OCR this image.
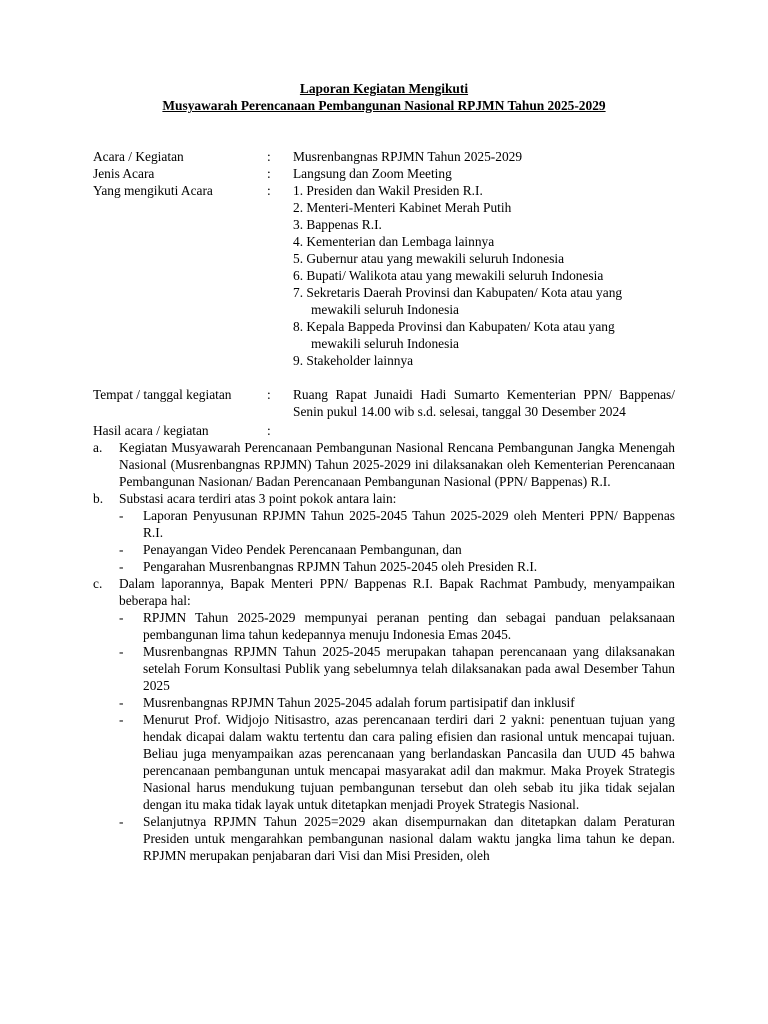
Laporan Kegiatan Mengikuti

Musyawarah Perencanaan Pembangunan Nasional RPJMN Tahun 2025-2029

Acara / Kegiatan	:	Musrenbangnas RPJMN Tahun 2025-2029
Jenis Acara	:	Langsung dan Zoom Meeting
Yang mengikuti Acara	:	1. Presiden dan Wakil Presiden R.I.
2. Menteri-Menteri Kabinet Merah Putih
3. Bappenas R.I.
4. Kementerian dan Lembaga lainnya
5. Gubernur atau yang mewakili seluruh Indonesia
6. Bupati/ Walikota atau yang mewakili seluruh Indonesia
7. Sekretaris Daerah Provinsi dan Kabupaten/ Kota atau yang
mewakili seluruh Indonesia
8. Kepala Bappeda Provinsi dan Kabupaten/ Kota atau yang
mewakili seluruh Indonesia
9. Stakeholder lainnya
Tempat / tanggal kegiatan	:	Ruang Rapat Junaidi Hadi Sumarto Kementerian PPN/ Bappenas/ Senin pukul 14.00 wib s.d. selesai, tanggal 30 Desember 2024
Hasil acara / kegiatan	:
a.	Kegiatan Musyawarah Perencanaan Pembangunan Nasional Rencana Pembangunan Jangka Menengah Nasional (Musrenbangnas RPJMN) Tahun 2025-2029 ini dilaksanakan oleh Kementerian Perencanaan Pembangunan Nasionan/ Badan Perencanaan Pembangunan Nasional (PPN/ Bappenas) R.I.
b.	Substasi acara terdiri atas 3 point pokok antara lain:
-	Laporan Penyusunan RPJMN Tahun 2025-2045 Tahun 2025-2029 oleh Menteri PPN/ Bappenas R.I.
-	Penayangan Video Pendek Perencanaan Pembangunan, dan
-	Pengarahan Musrenbangnas RPJMN Tahun 2025-2045 oleh Presiden R.I.
c.	Dalam laporannya, Bapak Menteri PPN/ Bappenas R.I. Bapak Rachmat Pambudy, menyampaikan beberapa hal:
-	RPJMN Tahun 2025-2029 mempunyai peranan penting dan sebagai panduan pelaksanaan pembangunan lima tahun kedepannya menuju Indonesia Emas 2045.
-	Musrenbangnas RPJMN Tahun 2025-2045 merupakan tahapan perencanaan yang dilaksanakan setelah Forum Konsultasi Publik yang sebelumnya telah dilaksanakan pada awal Desember Tahun 2025
-	Musrenbangnas RPJMN Tahun 2025-2045 adalah forum partisipatif dan inklusif
-	Menurut Prof. Widjojo Nitisastro, azas perencanaan terdiri dari 2 yakni: penentuan tujuan yang hendak dicapai dalam waktu tertentu dan cara paling efisien dan rasional untuk mencapai tujuan. Beliau juga menyampaikan azas perencanaan yang berlandaskan Pancasila dan UUD 45 bahwa perencanaan pembangunan untuk mencapai masyarakat adil dan makmur. Maka Proyek Strategis Nasional harus mendukung tujuan pembangunan tersebut dan oleh sebab itu jika tidak sejalan dengan itu maka tidak layak untuk ditetapkan menjadi Proyek Strategis Nasional.
-	Selanjutnya RPJMN Tahun 2025=2029 akan disempurnakan dan ditetapkan dalam Peraturan Presiden untuk mengarahkan pembangunan nasional dalam waktu jangka lima tahun ke depan. RPJMN merupakan penjabaran dari Visi dan Misi Presiden, oleh
